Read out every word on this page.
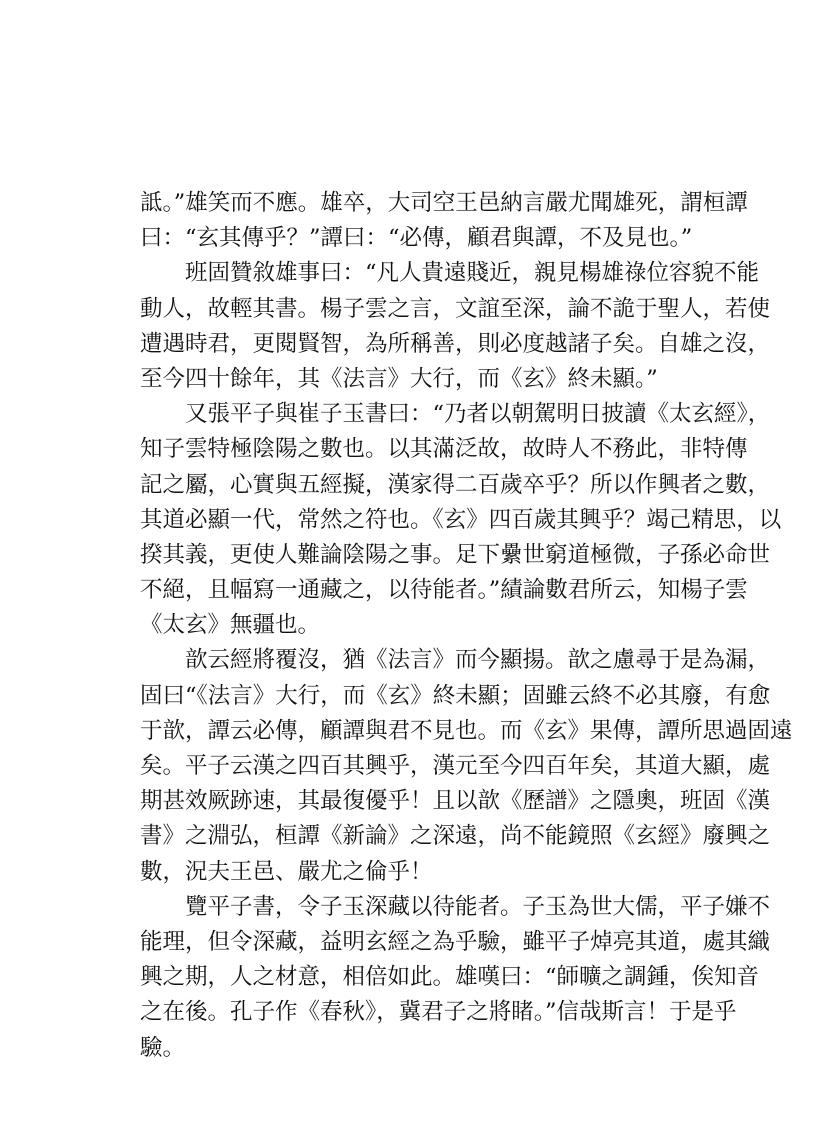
詆。”雄笑而不應。雄卒，大司空王邑納言嚴尤聞雄死，謂桓譚
曰：“玄其傳乎？”譚曰：“必傳，顧君與譚，不及見也。”
班固贊敘雄事曰：“凡人貴遠賤近，親見楊雄祿位容貌不能
動人，故輕其書。楊子雲之言，文誼至深，論不詭于聖人，若使
遭遇時君，更閱賢智，為所稱善，則必度越諸子矣。自雄之沒，
至今四十餘年，其《法言》大行，而《玄》終未顯。”
又張平子與崔子玉書曰：“乃者以朝駕明日披讀《太玄經》，
知子雲特極陰陽之數也。以其滿泛故，故時人不務此，非特傳
記之屬，心實與五經擬，漢家得二百歲卒乎？所以作興者之數，
其道必顯一代，常然之符也。《玄》四百歲其興乎？竭己精思，以
揆其義，更使人難論陰陽之事。足下纍世窮道極微，子孫必命世
不絕，且幅寫一通藏之，以待能者。”績論數君所云，知楊子雲
《太玄》無疆也。
歆云經將覆沒，猶《法言》而今顯揚。歆之慮尋于是為漏，
固曰“《法言》大行，而《玄》終未顯；固雖云終不必其廢，有愈
于歆，譚云必傳，顧譚與君不見也。而《玄》果傳，譚所思過固遠
矣。平子云漢之四百其興乎，漢元至今四百年矣，其道大顯，處
期甚效厥跡速，其最復優乎！且以歆《歷譜》之隱奧，班固《漢
書》之淵弘，桓譚《新論》之深遠，尚不能鏡照《玄經》廢興之
數，況夫王邑、嚴尤之倫乎！
覽平子書，令子玉深藏以待能者。子玉為世大儒，平子嫌不
能理，但令深藏，益明玄經之為乎驗，雖平子焯亮其道，處其織
興之期，人之材意，相倍如此。雄嘆曰：“師曠之調鍾，俟知音
之在後。孔子作《春秋》，冀君子之將睹。”信哉斯言！于是乎
驗。
